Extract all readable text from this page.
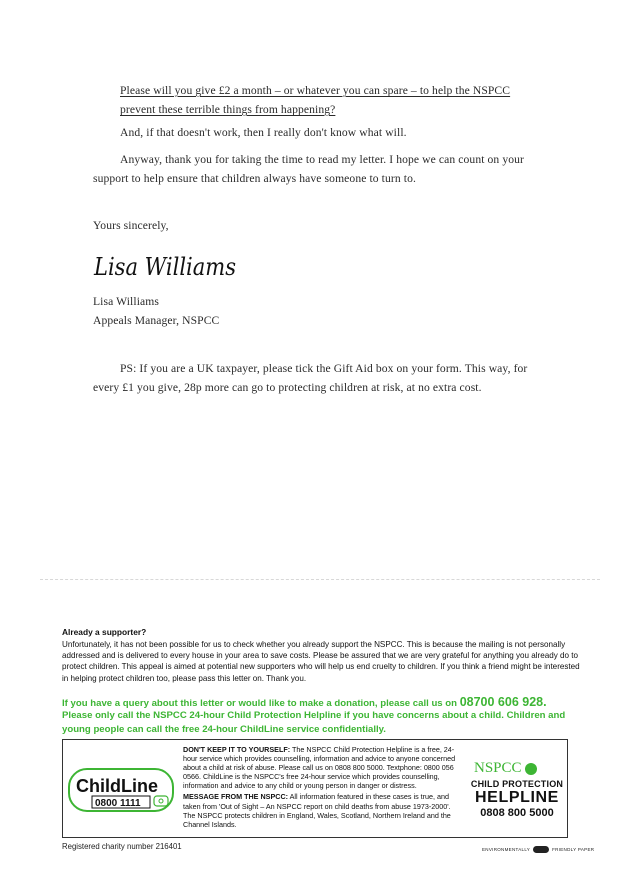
Please will you give £2 a month – or whatever you can spare – to help the NSPCC prevent these terrible things from happening?
And, if that doesn't work, then I really don't know what will.
Anyway, thank you for taking the time to read my letter. I hope we can count on your support to help ensure that children always have someone to turn to.
Yours sincerely,
Lisa Williams
Lisa Williams
Appeals Manager, NSPCC
PS: If you are a UK taxpayer, please tick the Gift Aid box on your form. This way, for every £1 you give, 28p more can go to protecting children at risk, at no extra cost.
Already a supporter?
Unfortunately, it has not been possible for us to check whether you already support the NSPCC. This is because the mailing is not personally addressed and is delivered to every house in your area to save costs. Please be assured that we are very grateful for anything you already do to protect children. This appeal is aimed at potential new supporters who will help us end cruelty to children. If you think a friend might be interested in helping protect children too, please pass this letter on. Thank you.
If you have a query about this letter or would like to make a donation, please call us on 08700 606 928.
Please only call the NSPCC 24-hour Child Protection Helpline if you have concerns about a child. Children and young people can call the free 24-hour ChildLine service confidentially.
ChildLine
0800 1111
DON'T KEEP IT TO YOURSELF: The NSPCC Child Protection Helpline is a free, 24-hour service which provides counselling, information and advice to anyone concerned about a child at risk of abuse. Please call us on 0808 800 5000. Textphone: 0800 056 0566. ChildLine is the NSPCC's free 24-hour service which provides counselling, information and advice to any child or young person in danger or distress.
MESSAGE FROM THE NSPCC: All information featured in these cases is true, and taken from 'Out of Sight – An NSPCC report on child deaths from abuse 1973-2000'. The NSPCC protects children in England, Wales, Scotland, Northern Ireland and the Channel Islands.
NSPCC
CHILD PROTECTION
HELPLINE
0808 800 5000
Registered charity number 216401	ENVIRONMENTALLY	FRIENDLY PAPER
